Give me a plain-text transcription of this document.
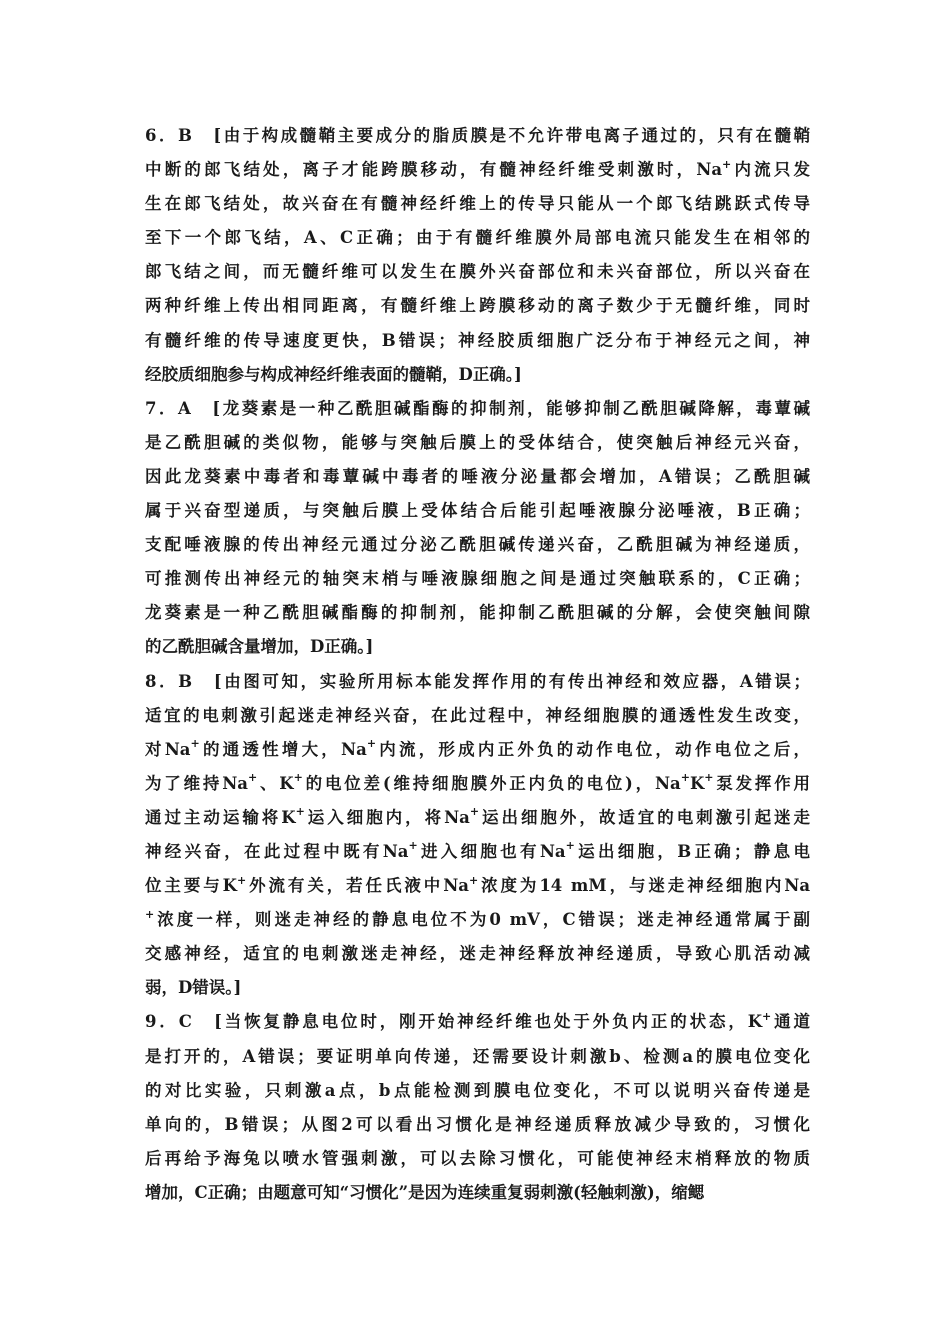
6．B　[由于构成髓鞘主要成分的脂质膜是不允许带电离子通过的，只有在髓鞘
中断的郎飞结处，离子才能跨膜移动，有髓神经纤维受刺激时，Na+内流只发
生在郎飞结处，故兴奋在有髓神经纤维上的传导只能从一个郎飞结跳跃式传导
至下一个郎飞结，A、C正确；由于有髓纤维膜外局部电流只能发生在相邻的
郎飞结之间，而无髓纤维可以发生在膜外兴奋部位和未兴奋部位，所以兴奋在
两种纤维上传出相同距离，有髓纤维上跨膜移动的离子数少于无髓纤维，同时
有髓纤维的传导速度更快，B错误；神经胶质细胞广泛分布于神经元之间，神
经胶质细胞参与构成神经纤维表面的髓鞘，D正确。]
7．A　[龙葵素是一种乙酰胆碱酯酶的抑制剂，能够抑制乙酰胆碱降解，毒蕈碱
是乙酰胆碱的类似物，能够与突触后膜上的受体结合，使突触后神经元兴奋，
因此龙葵素中毒者和毒蕈碱中毒者的唾液分泌量都会增加，A错误；乙酰胆碱
属于兴奋型递质，与突触后膜上受体结合后能引起唾液腺分泌唾液，B正确；
支配唾液腺的传出神经元通过分泌乙酰胆碱传递兴奋，乙酰胆碱为神经递质，
可推测传出神经元的轴突末梢与唾液腺细胞之间是通过突触联系的，C正确；
龙葵素是一种乙酰胆碱酯酶的抑制剂，能抑制乙酰胆碱的分解，会使突触间隙
的乙酰胆碱含量增加，D正确。]
8．B　[由图可知，实验所用标本能发挥作用的有传出神经和效应器，A错误；
适宜的电刺激引起迷走神经兴奋，在此过程中，神经细胞膜的通透性发生改变，
对Na+的通透性增大，Na+内流，形成内正外负的动作电位，动作电位之后，
为了维持Na+、K+的电位差(维持细胞膜外正内负的电位)，Na+K+泵发挥作用
通过主动运输将K+运入细胞内，将Na+运出细胞外，故适宜的电刺激引起迷走
神经兴奋，在此过程中既有Na+进入细胞也有Na+运出细胞，B正确；静息电
位主要与K+外流有关，若任氏液中Na+浓度为14 mM，与迷走神经细胞内Na
+浓度一样，则迷走神经的静息电位不为0 mV，C错误；迷走神经通常属于副
交感神经，适宜的电刺激迷走神经，迷走神经释放神经递质，导致心肌活动减
弱，D错误。]
9．C　[当恢复静息电位时，刚开始神经纤维也处于外负内正的状态，K+通道
是打开的，A错误；要证明单向传递，还需要设计刺激b、检测a的膜电位变化
的对比实验，只刺激a点，b点能检测到膜电位变化，不可以说明兴奋传递是
单向的，B错误；从图2可以看出习惯化是神经递质释放减少导致的，习惯化
后再给予海兔以喷水管强刺激，可以去除习惯化，可能使神经末梢释放的物质
增加，C正确；由题意可知“习惯化”是因为连续重复弱刺激(轻触刺激)，缩鳃
